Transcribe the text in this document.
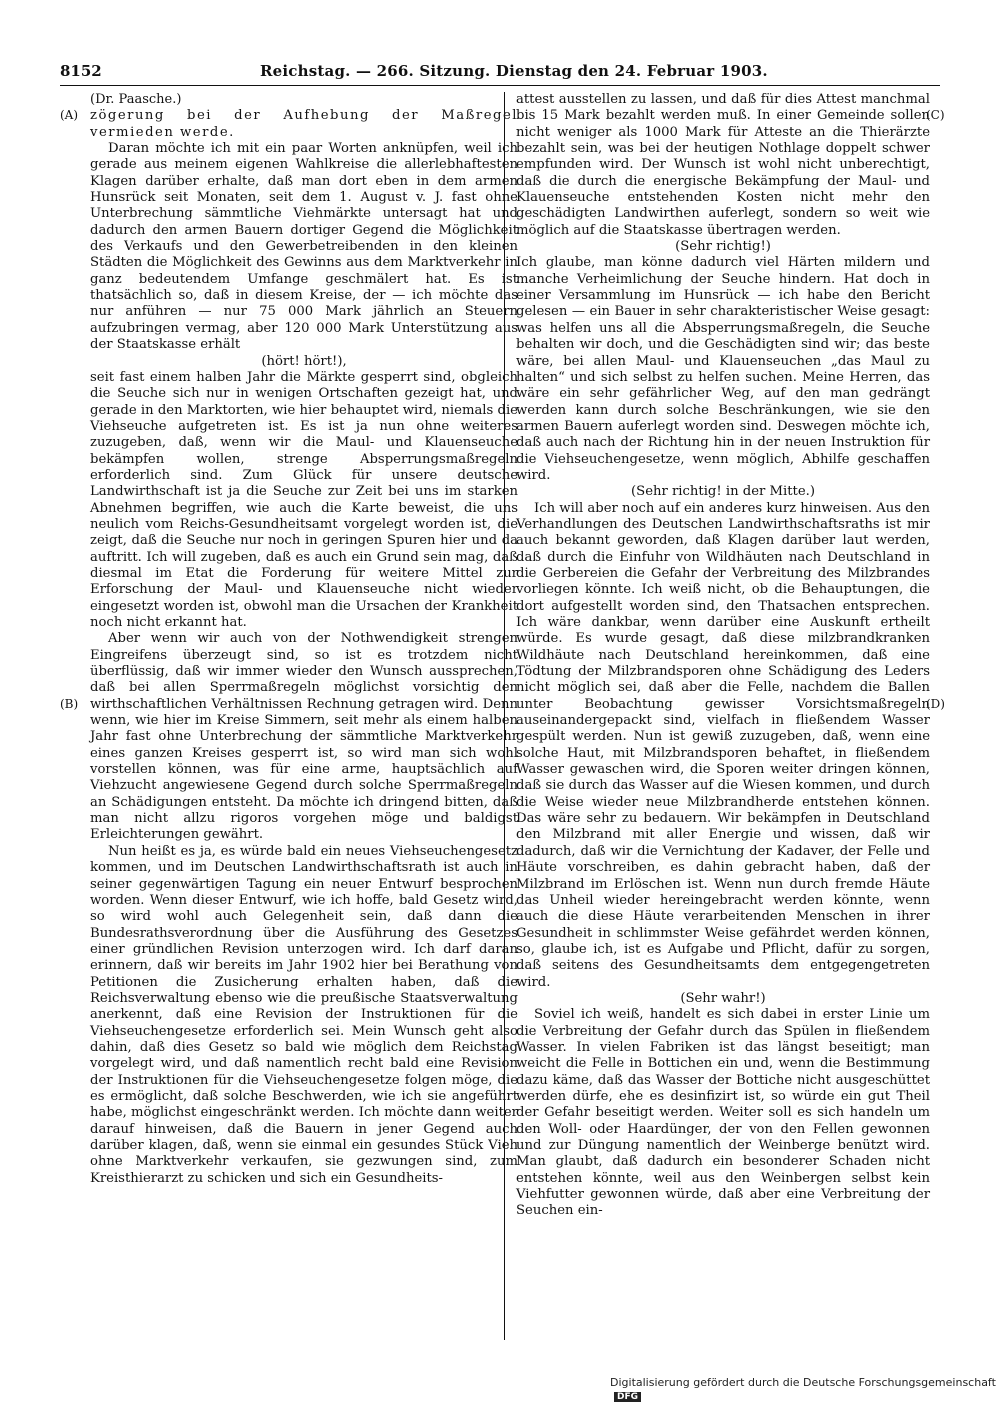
8152	Reichstag. — 266. Sitzung. Dienstag den 24. Februar 1903.
(A)
(B)
(C)
(D)

(Dr. Paasche.)

zögerung bei der Aufhebung der Maßregel vermieden werde.

Daran möchte ich mit ein paar Worten anknüpfen, weil ich gerade aus meinem eigenen Wahlkreise die allerlebhaftesten Klagen darüber erhalte, daß man dort eben in dem armen Hunsrück seit Monaten, seit dem 1. August v. J. fast ohne Unterbrechung sämmtliche Viehmärkte untersagt hat und dadurch den armen Bauern dortiger Gegend die Möglichkeit des Verkaufs und den Gewerbetreibenden in den kleinen Städten die Möglichkeit des Gewinns aus dem Marktverkehr in ganz bedeutendem Umfange geschmälert hat. Es ist thatsächlich so, daß in diesem Kreise, der — ich möchte das nur anführen — nur 75 000 Mark jährlich an Steuern aufzubringen vermag, aber 120 000 Mark Unterstützung aus der Staatskasse erhält

(hört! hört!),

seit fast einem halben Jahr die Märkte gesperrt sind, obgleich die Seuche sich nur in wenigen Ortschaften gezeigt hat, und gerade in den Marktorten, wie hier behauptet wird, niemals die Viehseuche aufgetreten ist. Es ist ja nun ohne weiteres zuzugeben, daß, wenn wir die Maul- und Klauenseuche bekämpfen wollen, strenge Absperrungsmaßregeln erforderlich sind. Zum Glück für unsere deutsche Landwirthschaft ist ja die Seuche zur Zeit bei uns im starken Abnehmen begriffen, wie auch die Karte beweist, die uns neulich vom Reichs-Gesundheitsamt vorgelegt worden ist, die zeigt, daß die Seuche nur noch in geringen Spuren hier und da auftritt. Ich will zugeben, daß es auch ein Grund sein mag, daß diesmal im Etat die Forderung für weitere Mittel zur Erforschung der Maul- und Klauenseuche nicht wieder eingesetzt worden ist, obwohl man die Ursachen der Krankheit noch nicht erkannt hat.

Aber wenn wir auch von der Nothwendigkeit strengen Eingreifens überzeugt sind, so ist es trotzdem nicht überflüssig, daß wir immer wieder den Wunsch aussprechen, daß bei allen Sperrmaßregeln möglichst vorsichtig den wirthschaftlichen Verhältnissen Rechnung getragen wird. Denn wenn, wie hier im Kreise Simmern, seit mehr als einem halben Jahr fast ohne Unterbrechung der sämmtliche Marktverkehr eines ganzen Kreises gesperrt ist, so wird man sich wohl vorstellen können, was für eine arme, hauptsächlich auf Viehzucht angewiesene Gegend durch solche Sperrmaßregeln an Schädigungen entsteht. Da möchte ich dringend bitten, daß man nicht allzu rigoros vorgehen möge und baldigst Erleichterungen gewährt.

Nun heißt es ja, es würde bald ein neues Viehseuchengesetz kommen, und im Deutschen Landwirthschaftsrath ist auch in seiner gegenwärtigen Tagung ein neuer Entwurf besprochen worden. Wenn dieser Entwurf, wie ich hoffe, bald Gesetz wird, so wird wohl auch Gelegenheit sein, daß dann die Bundesrathsverordnung über die Ausführung des Gesetzes einer gründlichen Revision unterzogen wird. Ich darf daran erinnern, daß wir bereits im Jahr 1902 hier bei Berathung von Petitionen die Zusicherung erhalten haben, daß die Reichsverwaltung ebenso wie die preußische Staatsverwaltung anerkennt, daß eine Revision der Instruktionen für die Viehseuchengesetze erforderlich sei. Mein Wunsch geht also dahin, daß dies Gesetz so bald wie möglich dem Reichstag vorgelegt wird, und daß namentlich recht bald eine Revision der Instruktionen für die Viehseuchengesetze folgen möge, die es ermöglicht, daß solche Beschwerden, wie ich sie angeführt habe, möglichst eingeschränkt werden. Ich möchte dann weiter darauf hinweisen, daß die Bauern in jener Gegend auch darüber klagen, daß, wenn sie einmal ein gesundes Stück Vieh ohne Marktverkehr verkaufen, sie gezwungen sind, zum Kreisthierarzt zu schicken und sich ein Gesundheits-

attest ausstellen zu lassen, und daß für dies Attest manchmal bis 15 Mark bezahlt werden muß. In einer Gemeinde sollen nicht weniger als 1000 Mark für Atteste an die Thierärzte bezahlt sein, was bei der heutigen Nothlage doppelt schwer empfunden wird. Der Wunsch ist wohl nicht unberechtigt, daß die durch die energische Bekämpfung der Maul- und Klauenseuche entstehenden Kosten nicht mehr den geschädigten Landwirthen auferlegt, sondern so weit wie möglich auf die Staatskasse übertragen werden.

(Sehr richtig!)

Ich glaube, man könne dadurch viel Härten mildern und manche Verheimlichung der Seuche hindern. Hat doch in einer Versammlung im Hunsrück — ich habe den Bericht gelesen — ein Bauer in sehr charakteristischer Weise gesagt: was helfen uns all die Absperrungsmaßregeln, die Seuche behalten wir doch, und die Geschädigten sind wir; das beste wäre, bei allen Maul- und Klauenseuchen „das Maul zu halten“ und sich selbst zu helfen suchen. Meine Herren, das wäre ein sehr gefährlicher Weg, auf den man gedrängt werden kann durch solche Beschränkungen, wie sie den armen Bauern auferlegt worden sind. Deswegen möchte ich, daß auch nach der Richtung hin in der neuen Instruktion für die Viehseuchengesetze, wenn möglich, Abhilfe geschaffen wird.

(Sehr richtig! in der Mitte.)

Ich will aber noch auf ein anderes kurz hinweisen. Aus den Verhandlungen des Deutschen Landwirthschaftsraths ist mir auch bekannt geworden, daß Klagen darüber laut werden, daß durch die Einfuhr von Wildhäuten nach Deutschland in die Gerbereien die Gefahr der Verbreitung des Milzbrandes vorliegen könnte. Ich weiß nicht, ob die Behauptungen, die dort aufgestellt worden sind, den Thatsachen entsprechen. Ich wäre dankbar, wenn darüber eine Auskunft ertheilt würde. Es wurde gesagt, daß diese milzbrandkranken Wildhäute nach Deutschland hereinkommen, daß eine Tödtung der Milzbrandsporen ohne Schädigung des Leders nicht möglich sei, daß aber die Felle, nachdem die Ballen unter Beobachtung gewisser Vorsichtsmaßregeln auseinandergepackt sind, vielfach in fließendem Wasser gespült werden. Nun ist gewiß zuzugeben, daß, wenn eine solche Haut, mit Milzbrandsporen behaftet, in fließendem Wasser gewaschen wird, die Sporen weiter dringen können, daß sie durch das Wasser auf die Wiesen kommen, und durch die Weise wieder neue Milzbrandherde entstehen können. Das wäre sehr zu bedauern. Wir bekämpfen in Deutschland den Milzbrand mit aller Energie und wissen, daß wir dadurch, daß wir die Vernichtung der Kadaver, der Felle und Häute vorschreiben, es dahin gebracht haben, daß der Milzbrand im Erlöschen ist. Wenn nun durch fremde Häute das Unheil wieder hereingebracht werden könnte, wenn auch die diese Häute verarbeitenden Menschen in ihrer Gesundheit in schlimmster Weise gefährdet werden können, so, glaube ich, ist es Aufgabe und Pflicht, dafür zu sorgen, daß seitens des Gesundheitsamts dem entgegengetreten wird.

(Sehr wahr!)

Soviel ich weiß, handelt es sich dabei in erster Linie um die Verbreitung der Gefahr durch das Spülen in fließendem Wasser. In vielen Fabriken ist das längst beseitigt; man weicht die Felle in Bottichen ein und, wenn die Bestimmung dazu käme, daß das Wasser der Bottiche nicht ausgeschüttet werden dürfe, ehe es desinfizirt ist, so würde ein gut Theil der Gefahr beseitigt werden. Weiter soll es sich handeln um den Woll- oder Haardünger, der von den Fellen gewonnen und zur Düngung namentlich der Weinberge benützt wird. Man glaubt, daß dadurch ein besonderer Schaden nicht entstehen könnte, weil aus den Weinbergen selbst kein Viehfutter gewonnen würde, daß aber eine Verbreitung der Seuchen ein-

Digitalisierung gefördert durch die Deutsche Forschungsgemeinschaft DFG
